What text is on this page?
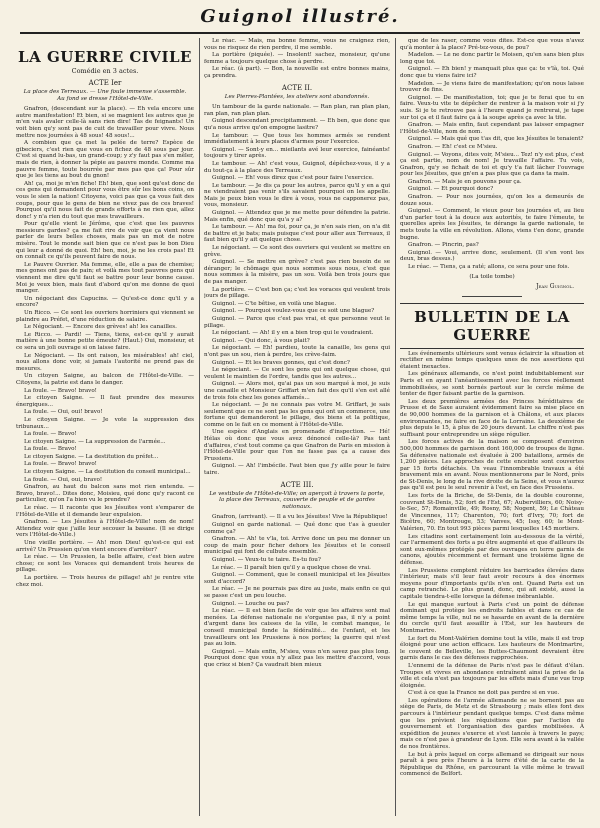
Guignol illustré.
LA GUERRE CIVILE
Comédie en 3 actes.
ACTE Ier
La place des Terreaux. — Une foule immense s'assemble. Au fond se dresse l'Hôtel-de-Ville.

Gnafron, (descendant sur la place). — Eh vela encore une autre manifestation! Et bien, si se magnient les autres que je m'en vais avaler celle-là sans rien dire! Tas de feignants! Un voit bien qu'y sont pas de cuit de travailler pour vivre. Nous mettre nos journées à 48 sous! 48 sous!...

A combien que ça met la pelée de terre? Espèce de gibeciers, c'est rien que vous en fichez de 48 sous par jour. C'est si quand lu-bas, un grand-coup; y z'y faut pas s'en mêler, mais de rien, à donner la pépie au pauvre monde. Comme ma pauvre femme, toute bourrée par mes pas que ça! Pour sûr que je les tiens au bout du gnon!

Ah! ça, moi je m'en fiche! Eh! bien, que sont qu'est donc de ces gens qui demandent pour vous être sûr les bons coins, on vous le sien la nation! Citoyens, voici pas que ça vous fait des coups, pour que le gens de bien ne vivez pas de ces braves! Pourquoi qu'il nous fait de grands efforts à ne rien que, allez donc! y n'a rien du tout que mes travailleurs.

Pour qu'elle vient le Jérôme, que c'est que les pauvres messieurs gardes? ça me fait rire de voir que ça vient nous parler de leurs belles choses, mais pas un mot de notre misère. Tout le monde sait bien que ce n'est pas le bon Dieu qui leur a donné de quoi. Eh! ben, moi, je ne les crois pas! Et on connaît ce qu'ils peuvent faire de nous.

Le Pauvre Ouvrier. Ma femme, elle, elle a pas de chemise; mes gones ont pas de pain; et voilà mes tout pauvres gens qui viennent me dire qu'il faut se battre pour leur bonne cause. Moi je veux bien, mais faut d'abord qu'on me donne de quoi manger.

Un négociant des Capucins. — Qu'est-ce donc qu'il y a encore?

Un Ricco. — Ce sont les ouvriers horriniers qui viennent se plaindre au Préfet, d'une réduction de salaire.

Le Négociant. — Encore des grèves! ah! les canailles.

Le Ricco. — Pardi! — Tiens, tiens, est-ce qu'il y aurait matière à une bonne petite émeute? (Haut.) Oui, monsieur, et ce sera un joli ouvrage si on laisse faire.

Le Négociant. — Ils ont raison, les misérables! ah! ciel, nous allons donc voir, si jamais l'autorité ne prend pas de mesures.

Un citoyen Saigne, au balcon de l'Hôtel-de-Ville. — Citoyens, la patrie est dans le danger.

La foule. — Bravo! bravo!

Le citoyen Saigne. — Il faut prendre des mesures énergiques...

La foule. — Oui, oui! bravo!

Le citoyen Saigne. — Je vote la suppression des tribunaux...

La foule. — Bravo!

Le citoyen Saigne. — La suppression de l'armée...

La foule. — Bravo!

Le citoyen Saigne. — La destitution du préfet...

La foule. — Bravo! bravo!

Le citoyen Saigne. — La destitution du conseil municipal...

La foule. — Oui, oui, bravo!

Gnafron, au haut du balcon sans mot rien entendu. — Bravo, bravo!... Dites donc, Moisieu, qué donc qu'y racont ce particulier, qu'on l'a bien vu le prendre?

Le réac. — Il raconte que les Jésuites vont s'emparer de l'Hôtel-de-Ville et il demande leur expulsion.

Gnafron. — Les Jésuites à l'Hôtel-de-Ville! nom de nom! Attendez voir que j'aille leur secouer la basane. (Il se dirige vers l'Hôtel-de-Ville.)

Une vieille portière. — Ah! mon Dieu! qu'est-ce qui est arrivé? Un Prussien qu'on vient encore d'arrêter?

Le réac. — Un Prussien, la belle affaire, c'est bien autre chose; ce sont les Voraces qui demandent trois heures de pillage.

La portière. — Trois heures de pillage! ah! je rentre vite chez moi.

Le réac. — Mais, ma bonne femme, vous ne craignez rien, vous ne risquez de rien perdre, il me semble.

La portière (piquée). — Insolent! sachez, monsieur, qu'une femme a toujours quelque chose à perdre.

Le réac. (à part). — Bon, la nouvelle est entre bonnes mains, ça prendra.

ACTE II.
Les Pierres-Plantées, les ateliers sont abandonnés.

Un tambour de la garde nationale. — Ran plan, ran plan plan, ran plan, ran plan plan.

Guignol descendant precipitamment. — Eh ben, que donc que qu'a nous arrive qu'on empogne lasitre?

Le tambour. — Que tous les hommes armés se rendent immédiatement à leurs places d'armes pour l'exercice.

Guignol. — Sont-y en... mieilants avé leur exercice, fainéants! toujours y tirer après.

Le tambour. — Ah! c'est vous, Guignol, dépêchez-vous, il y a du tout-ça à la place des Terreaux.

Guignol. — Eh! vous direz que c'est pour faire l'exercice.

Le tambour. — Je dis ça pour les autres, parce qu'il y en a qui ne viendraient pas venir s'ils savaient pourquoi on les appelle. Mais je peux bien vous le dire à vous, vous ne capponerez pas, vous, monsieur.

Guignol. — Attendez que je me mette pour défendre la patrie. Mais enfin, qué donc que qu'a y a?

Le tambour. — Ah! ma foi, pour ça, je n'en sais rien, on n'a dit de battre et je bats; mais puisque c'est pour aller aux Terreaux, il faut bien qu'il y ait quelque chose.

Le négociant. — Ce sont des ouvriers qui veulent se mettre en grève.

Guignol. — Se mettre en grève? c'est pas rien besoin de se déranger; le chômage que nous sommes sous nous, c'est que nous sommes à la misère, pas un sou. Voilà ben trois jours que de pas manger.

La portière. — C'est bon ça; c'est les voraces qui veulent trois jours de pillage.

Guignol. — C'te bêtise, en voilà une blague.

Guignol. — Pourquoi voulez-vous que ce soit une blague?

Guignol. — Parce que c'est pas vrai, et que personne veut le pillage.

Le négociant. — Ah! il y en a bien trop qui le voudraient.

Guignol. — Qui donc, à vous plait?

Le négociant. — Eh! pardieu, toute la canaille, les gens qui n'ont pas un sou, rien à perdre, les crève-faim.

Guignol. — Et les braves gonnes, qui c'est donc?

Le négociant. — Ce sont les gens qui ont quelque chose, qui veulent le maintien de l'ordre, tandis que les autres...

Guignol. — Alors moi, qu'ai pas un sou marqué à moi, je suis une canaille et Monsieur Griffart m'en fait des qu'il s'en est allé de trois fois chez les gones affamés...

Le négociant. — Je ne connais pas votre M. Griffart, je sais seulement que ce ne sont pas les gens qui ont un commerce, une fortune qui demanderont le pillage, des biens et la politique, comme on le fait en ce moment à l'Hôtel-de-Ville.

Une espèce d'Anglais en promenade d'inspection. — Hé! Hélas où donc que vous avez dénoncé celle-là? Pas tant d'affaires, c'est tout comme ça que Gnafron de Paris en mission à l'Hôtel-de-Ville pour que l'on ne fasse pas ça a cause des Prussiens.

Guignol. — Ah! l'imbécile. Faut bien que j'y aille pour le faire taire.

ACTE III.
Le vestibule de l'Hôtel-de-Ville; on aperçoit à travers la porte, la place des Terreaux, couverte de peuple et de gardes nationaux.

Gnafron, (arrivant). — Il a vu les Jésuites! Vive la République!

Guignol en garde national. — Qué donc que t'as à gueuler comme ça?

Gnafron. — Ah! te v'la, toi. Arrive donc un peu me donner un coup de main pour ficher dehors les Jésuites et le conseil municipal qui font de culbute ensemble.

Guignol. — Veux-tu te taire. Es-tu fou?

Le réac. — Il paraît bien qu'il y a quelque chose de vrai.

Guignol. — Comment, que le conseil municipal et les Jésuites sont d'accord?

Le réac. — Je ne pourrais pas dire au juste, mais enfin ce qui se passe c'est un peu louche.

Guignol. — Louche ou pas?

Le réac. — Il est bien facile de voir que les affaires sont mal menées. La défense nationale ne s'organise pas, il n'y a point d'argent dans les caisses de la ville, le combat manque, le conseil municipal fonde la fédéralité... de l'enfant, et les travailleurs ont les Prussiens à nos portes; la guerre qui n'est pas au loin.

Guignol. — Mais enfin, M'sieu, vous n'en savez pas plus long. Pourquoi donc que vous n'y allez pas les mettre d'accord, vous que criez si bien? Ça vaudrait bien mieux

que de les raser, comme vous dites. Est-ce que vous n'avez qu'à monter à la place? Pré-tez-vous, de pou?

Madelon. — Le ne donc partir le Moisen, qu'en sans bien plus long que toi.

Guignol. — Eh bien! y manquait plus que ça: te v'là, toi. Qué donc que tu viens faire ici?

Madelon. — Je viens faire de manifestation; qu'on nous laisse trouver de fins.

Guignol. — De manifestation, toi; que je te ferai que tu en faire. Veux-tu vite te dépêcher de rentrer à la maison voir si j'y suis. Si je te retrouve pas à l'heure quand je rentrerai, je tape sur toi ça et il faut faire ça à la soupe après ça avec la tite.

Gnafron. — Mais enfin, faut cependant pas laisser empagner l'Hôtel-de-Ville, nom de nom.

Guignol. — Mais qué que t'as dit, que les Jésuites le tenaient?

Gnafron. — Eh! c'est ce M'sieu.

Guignol. — Voyons, dites voir, M'sieu... Tez! n'y est plus, c'est ça est partie, nom de nom! Je travaille l'affaire. Tu vois, Gnafron, qu'y se fichait de toi et qu'y t'a fait lâcher l'ouvrage pour les Jésuites, que gn'en a pas plus que ça dans ta main.

Gnafron. — Mais je en pouvons pour ça.

Guignol. — Et pourquoi donc?

Gnafron. — Pour nos journées, qu'on les a demeurés de douze sous.

Guignol. — Comment, le vieux pour tes journées et, au lieu d'un parler tout à la douce aux autorités, te faire l'émeute, te querelles après les Jésuites, te dérange la garde nationale, te mets toute la ville en révolution. Allons, viens t'en donc, grande bugne.

Gnafron. — Pincrin, pas?

Guignol. — Voui, arrive donc, seulement. (Il s'en vont les deux, bras dessus.)

Le réac. — Tiens, ça a raté; allons, ce sera pour une fois.

(La toile tombe)
Jean Guignol.
BULLETIN DE LA GUERRE

Les événements ultérieurs sont venus éclaircir la situation et rectifier en même temps quelques unes de nos assertions qui étaient inexactes.

Les généraux allemands, ce n'est point indubitablement sur Paris et en ayant l'anéantissement avec les forces réellement immobilisées, se sont bornés partout sur le cercle même de tenter de figer faisant partie de la garnison.

Les deux premières armées des Princes héréditaires de Prusse et de Saxe auraient évidemment faire sa mise place en de 90,000 hommes de la garnison et à Châlons, et aux places environnantes, ne faire en face de la Lorraine. La deuxième de plus depuis le 15, à plus de 20 jours devant. Le chiffre n'est pas suffisant pour entreprendre un siège régulier.

Les forces actives de la maison se composent d'environ 500,000 hommes de garnison dont 160,000 de troupes de ligne. Sa défensive nationale est évaluée à 200 bataillons, armés de 1,200 pièces. Les approches de cette enceinte sont couvertes par 15 forts détachés. Un veau l'innombrable travaux a été bravement mis en avant. Nous mentionnerons par le Nord, près de St-Denis, le long de la rive droite de la Seine, et vous n'aurez pas qu'il est peu le seul revenir à l'est, en face des Prussiens.

Les forts de la Briche, de St-Denis, de la double couronne, couvrant St-Denis, 52; fort de l'Est, 67; Aubervilliers, 60; Noisy-le-Sec, 57; Romainville, 49; Rosny, 58; Nogent, 59; Le Château de Vincennes, 117; Charenton, 70; fort d'Ivry, 70; fort de Bicêtre, 60; Montrouge, 53; Vanves, 45; Issy, 60; le Mont-Valérien, 70. En tout 993 pièces parmi lesquelles 145 mortiers.

Les citadins sont certainement loin au-dessous de la vérité, car l'armement des forts a pu être augmenté et que d'ailleurs ils sont eux-mêmes protégés par des ouvrages en terre garnis de canons, ajoutés récemment et fermant une troisième ligne de défense.

Les Prussiens comptent réduire les barricades élevées dans l'intérieur, mais s'il leur faut avoir recours à des énormes moyens pour d'importants qu'ils n'en ont. Quand Paris est un camp retranché. Le plus grand, donc, qui ait existé, aussi la capitale tiendra-t-elle lorsque la défense inébranlable.

Le qui manque surtout à Paris c'est un point de défense dominant qui protège les endroits faibles et dans ce cas de même temps la ville, nul ne se hasarde en avant de la dernière du cercle qu'il faut assaillir à l'Est, sur les hauteurs de Montmartre.

Le fort du Mont-Valérien domine tout la ville, mais il est trop éloigné pour une action efficace. Les hauteurs de Montmartre, le couvent de Belleville, les Buttes-Chaumont devraient être garnis dans le cas des défenses rapprochées.

L'ennemi de la défense de Paris n'est pas le défaut d'élan. Troupes et vivres en abondance entraînent ainsi la prise de la ville et cela n'est pas toujours par les effets mais d'une vue trop éloignée.

C'est à ce que la France ne doit pas perdre si en vue.

Les opérations de l'armée allemande ne se bornent pas au siège de Paris, de Metz et de Strasbourg ; mais elles font des parcours à l'intérieur pendant quelque temps. C'est dans même que les prévient les réquisitions que par l'action du gouvernement et l'organisation des gardes mobilisées. À expédition de jeunes s'exerce et s'est lancée à travers le pays; mais ce n'est pas à grandeur de Lyon. Elle sera avant à la vallée de nos frontières.

Le but à près laquel on corps allemand se dirigeait sur nous paraît à peu près l'heure à la terre d'été de la carte de la République du Rhône, en parcourant la ville même le travail commencé de Belfort.
